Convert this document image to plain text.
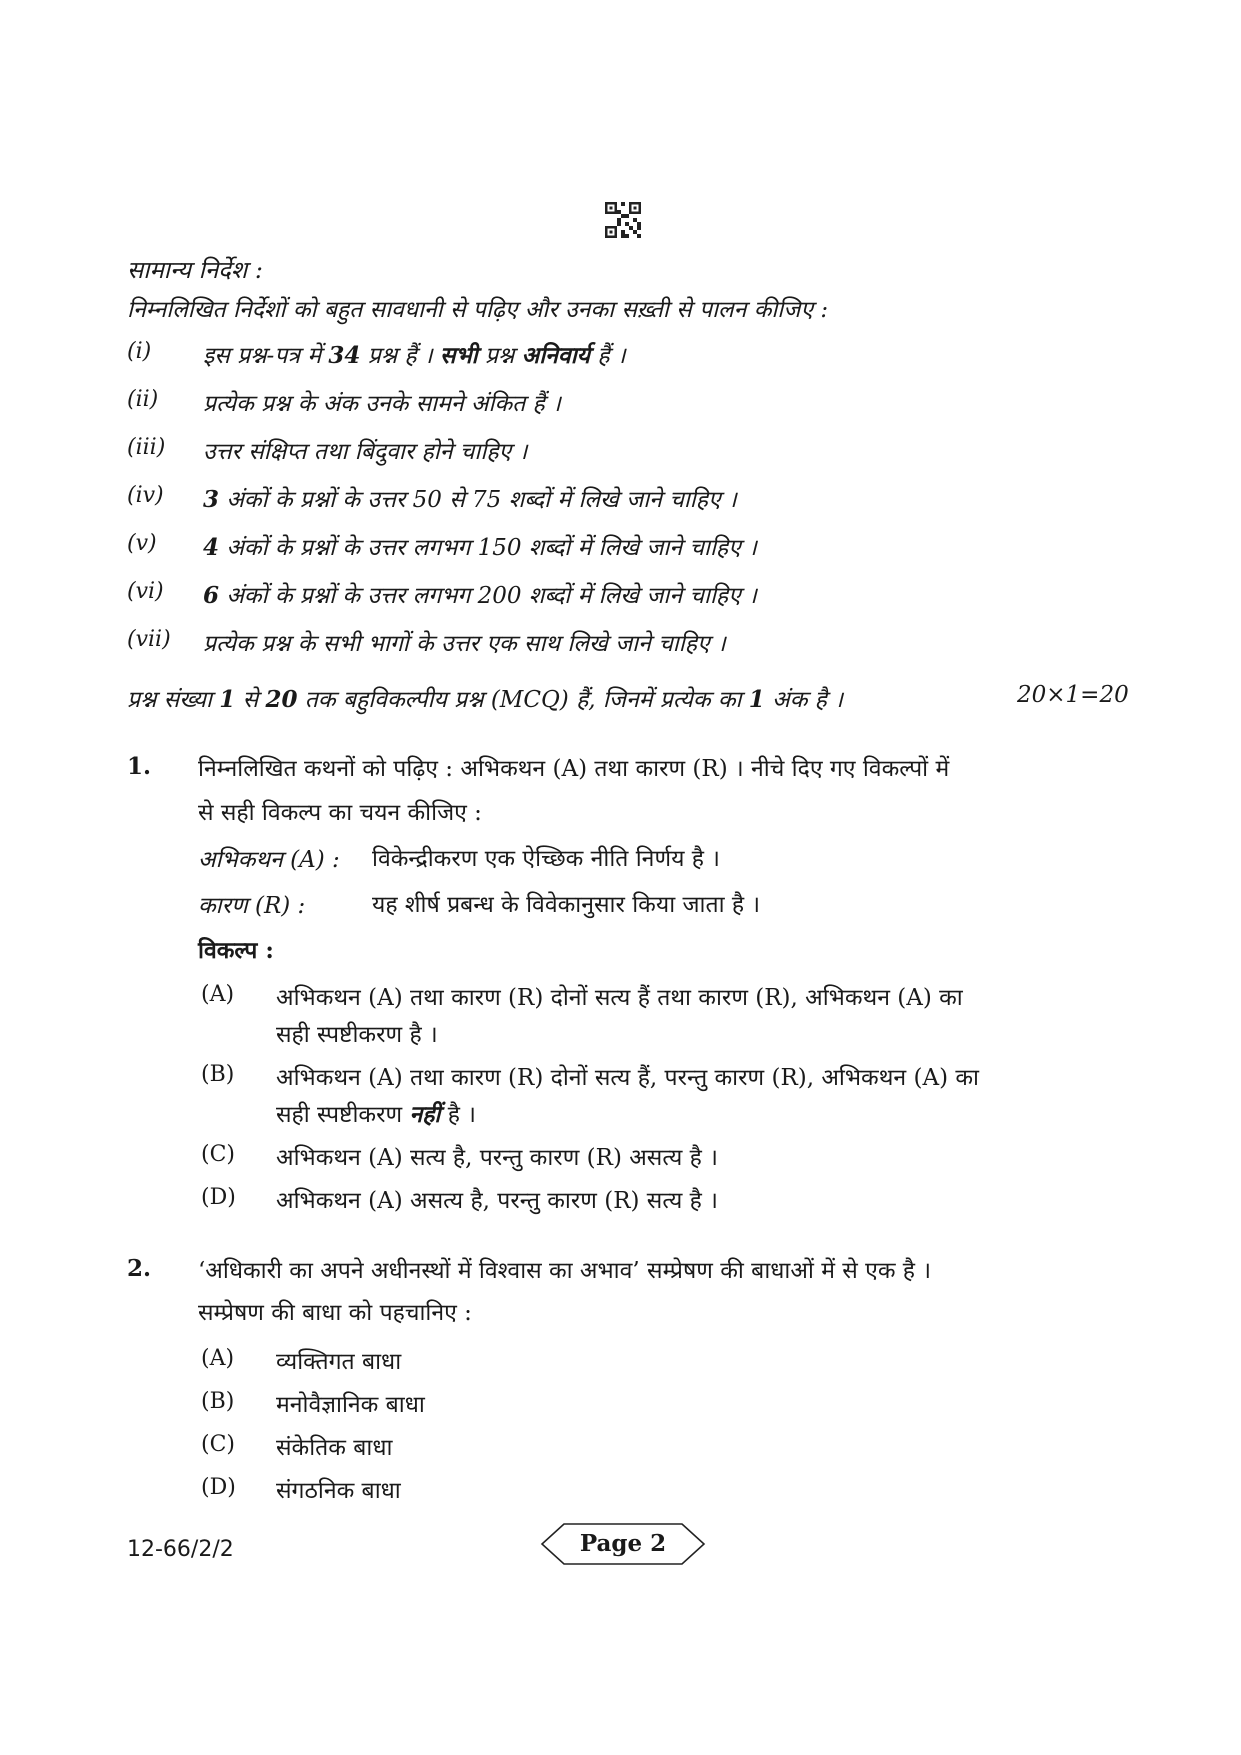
सामान्य निर्देश :
निम्नलिखित निर्देशों को बहुत सावधानी से पढ़िए और उनका सख़्ती से पालन कीजिए :
(i) इस प्रश्न-पत्र में 34 प्रश्न हैं । सभी प्रश्न अनिवार्य हैं ।
(ii) प्रत्येक प्रश्न के अंक उनके सामने अंकित हैं ।
(iii) उत्तर संक्षिप्त तथा बिंदुवार होने चाहिए ।
(iv) 3 अंकों के प्रश्नों के उत्तर 50 से 75 शब्दों में लिखे जाने चाहिए ।
(v) 4 अंकों के प्रश्नों के उत्तर लगभग 150 शब्दों में लिखे जाने चाहिए ।
(vi) 6 अंकों के प्रश्नों के उत्तर लगभग 200 शब्दों में लिखे जाने चाहिए ।
(vii) प्रत्येक प्रश्न के सभी भागों के उत्तर एक साथ लिखे जाने चाहिए ।
प्रश्न संख्या 1 से 20 तक बहुविकल्पीय प्रश्न (MCQ) हैं, जिनमें प्रत्येक का 1 अंक है ।	20×1=20
1. निम्नलिखित कथनों को पढ़िए : अभिकथन (A) तथा कारण (R) । नीचे दिए गए विकल्पों में
से सही विकल्प का चयन कीजिए :
अभिकथन (A) : विकेन्द्रीकरण एक ऐच्छिक नीति निर्णय है ।
कारण (R) :	यह शीर्ष प्रबन्ध के विवेकानुसार किया जाता है ।
विकल्प :
(A) अभिकथन (A) तथा कारण (R) दोनों सत्य हैं तथा कारण (R), अभिकथन (A) का
सही स्पष्टीकरण है ।
(B) अभिकथन (A) तथा कारण (R) दोनों सत्य हैं, परन्तु कारण (R), अभिकथन (A) का
सही स्पष्टीकरण नहीं है ।
(C) अभिकथन (A) सत्य है, परन्तु कारण (R) असत्य है ।
(D) अभिकथन (A) असत्य है, परन्तु कारण (R) सत्य है ।
2. ‘अधिकारी का अपने अधीनस्थों में विश्वास का अभाव’ सम्प्रेषण की बाधाओं में से एक है ।
सम्प्रेषण की बाधा को पहचानिए :
(A) व्यक्तिगत बाधा
(B) मनोवैज्ञानिक बाधा
(C) संकेतिक बाधा
(D) संगठनिक बाधा
12-66/2/2	Page 2
